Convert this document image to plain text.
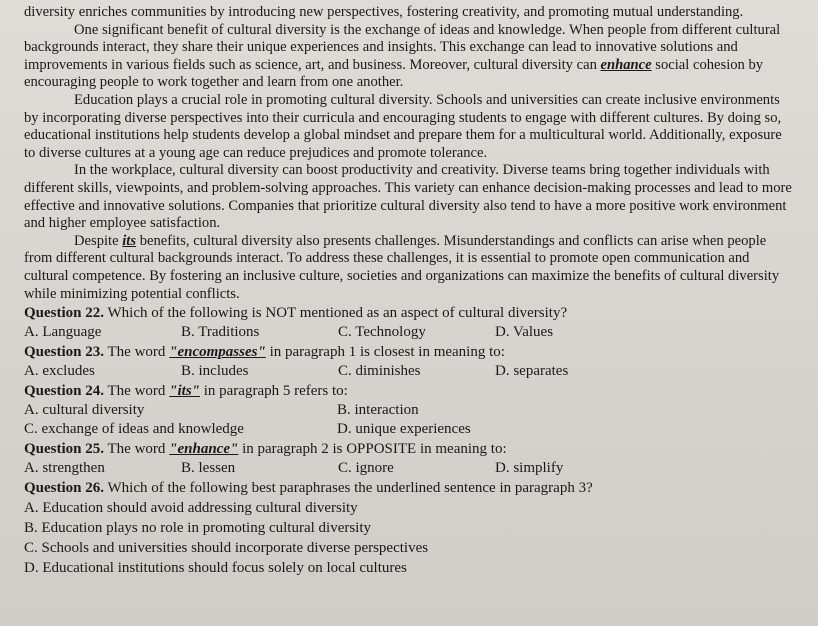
diversity enriches communities by introducing new perspectives, fostering creativity, and promoting mutual understanding.

One significant benefit of cultural diversity is the exchange of ideas and knowledge. When people from different cultural backgrounds interact, they share their unique experiences and insights. This exchange can lead to innovative solutions and improvements in various fields such as science, art, and business. Moreover, cultural diversity can enhance social cohesion by encouraging people to work together and learn from one another.

Education plays a crucial role in promoting cultural diversity. Schools and universities can create inclusive environments by incorporating diverse perspectives into their curricula and encouraging students to engage with different cultures. By doing so, educational institutions help students develop a global mindset and prepare them for a multicultural world. Additionally, exposure to diverse cultures at a young age can reduce prejudices and promote tolerance.

In the workplace, cultural diversity can boost productivity and creativity. Diverse teams bring together individuals with different skills, viewpoints, and problem-solving approaches. This variety can enhance decision-making processes and lead to more effective and innovative solutions. Companies that prioritize cultural diversity also tend to have a more positive work environment and higher employee satisfaction.

Despite its benefits, cultural diversity also presents challenges. Misunderstandings and conflicts can arise when people from different cultural backgrounds interact. To address these challenges, it is essential to promote open communication and cultural competence. By fostering an inclusive culture, societies and organizations can maximize the benefits of cultural diversity while minimizing potential conflicts.

Question 22. Which of the following is NOT mentioned as an aspect of cultural diversity?

A. Language	B. Traditions	C. Technology	D. Values

Question 23. The word "encompasses" in paragraph 1 is closest in meaning to:

A. excludes	B. includes	C. diminishes	D. separates

Question 24. The word "its" in paragraph 5 refers to:

A. cultural diversity	B. interaction
C. exchange of ideas and knowledge	D. unique experiences

Question 25. The word "enhance" in paragraph 2 is OPPOSITE in meaning to:

A. strengthen	B. lessen	C. ignore	D. simplify

Question 26. Which of the following best paraphrases the underlined sentence in paragraph 3?

A. Education should avoid addressing cultural diversity
B. Education plays no role in promoting cultural diversity
C. Schools and universities should incorporate diverse perspectives
D. Educational institutions should focus solely on local cultures
